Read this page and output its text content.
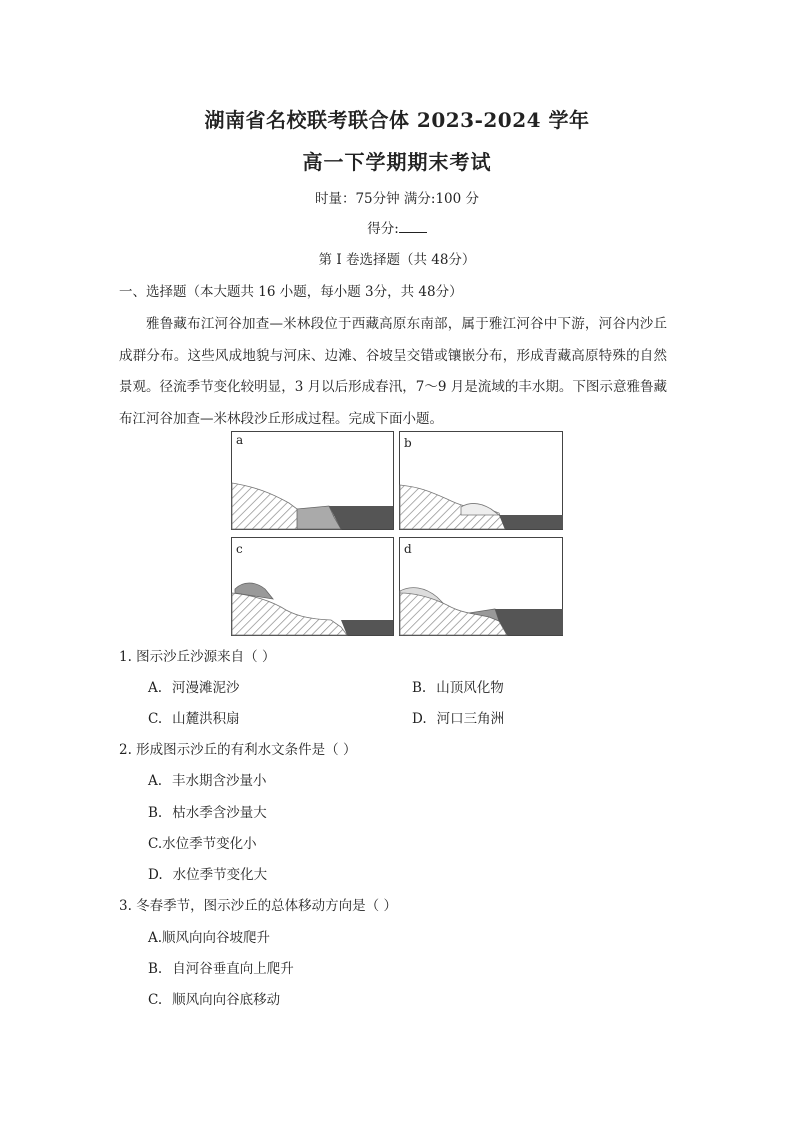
湖南省名校联考联合体 2023-2024 学年
高一下学期期末考试
时量：75分钟 满分:100 分
得分:
第 I 卷选择题（共 48分）
一、选择题（本大题共 16 小题，每小题 3分，共 48分）
雅鲁藏布江河谷加查—米林段位于西藏高原东南部，属于雅江河谷中下游，河谷内沙丘成群分布。这些风成地貌与河床、边滩、谷坡呈交错或镶嵌分布，形成青藏高原特殊的自然景观。径流季节变化较明显，3 月以后形成春汛，7～9 月是流域的丰水期。下图示意雅鲁藏布江河谷加查—米林段沙丘形成过程。完成下面小题。
a	b
c	d
1. 图示沙丘沙源来自（ ）
A. 河漫滩泥沙	B. 山顶风化物
C. 山麓洪积扇	D. 河口三角洲
2. 形成图示沙丘的有利水文条件是（ ）
A. 丰水期含沙量小
B. 枯水季含沙量大
C.水位季节变化小
D. 水位季节变化大
3. 冬春季节，图示沙丘的总体移动方向是（ ）
A.顺风向向谷坡爬升
B. 自河谷垂直向上爬升
C. 顺风向向谷底移动
